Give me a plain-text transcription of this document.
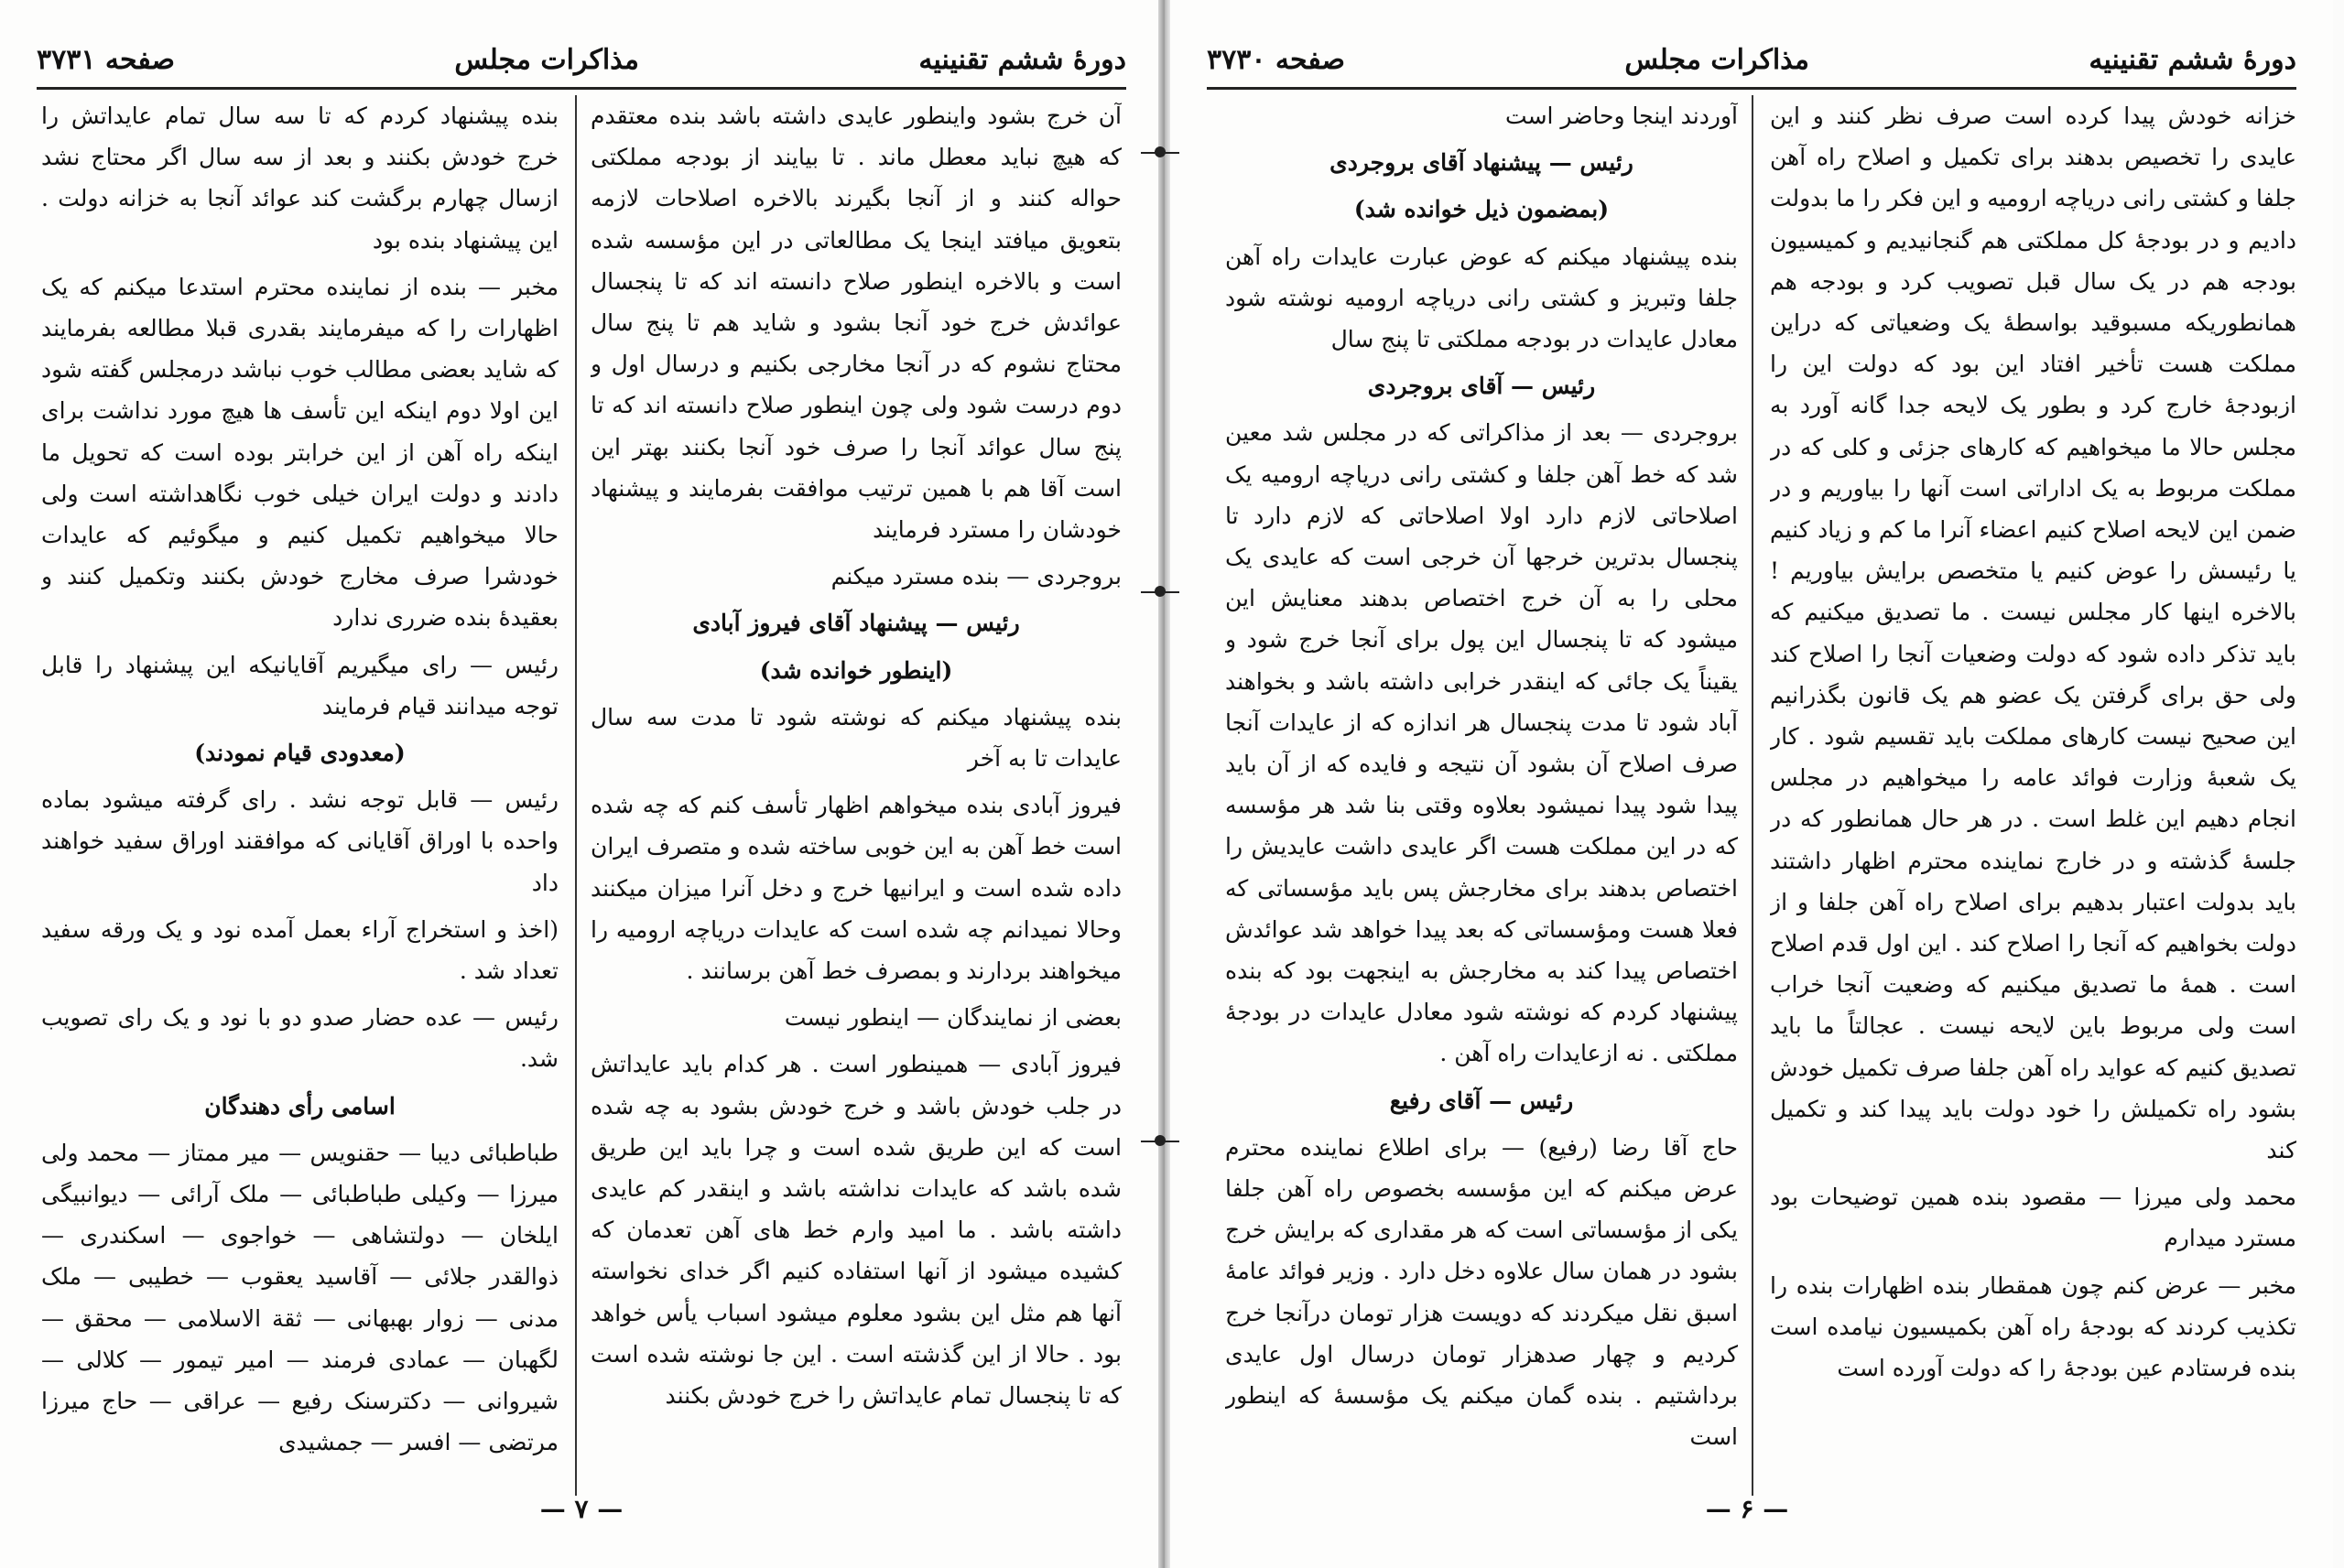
دورهٔ ششم تقنینیه
مذاکرات مجلس
صفحه ۳۷۳۱

آن خرج بشود واینطور عایدی داشته باشد بنده معتقدم که هیچ نباید معطل ماند . تا بیایند از بودجه مملکتی حواله کنند و از آنجا بگیرند بالاخره اصلاحات لازمه بتعویق میافتد اینجا یک مطالعاتی در این مؤسسه شده است و بالاخره اینطور صلاح دانسته اند که تا پنجسال عوائدش خرج خود آنجا بشود و شاید هم تا پنج سال محتاج نشوم که در آنجا مخارجی بکنیم و درسال اول و دوم درست شود ولی چون اینطور صلاح دانسته اند که تا پنج سال عوائد آنجا را صرف خود آنجا بکنند بهتر این است آقا هم با همین ترتیب موافقت بفرمایند و پیشنهاد خودشان را مسترد فرمایند

بروجردی — بنده مسترد میکنم

رئیس — پیشنهاد آقای فیروز آبادی

(اینطور خوانده شد)

بنده پیشنهاد میکنم که نوشته شود تا مدت سه سال عایدات تا به آخر

فیروز آبادی بنده میخواهم اظهار تأسف کنم که چه شده است خط آهن به این خوبی ساخته شده و متصرف ایران داده شده است و ایرانیها خرج و دخل آنرا میزان میکنند وحالا نمیدانم چه شده است که عایدات دریاچه ارومیه را میخواهند بردارند و بمصرف خط آهن برسانند .

بعضی از نمایندگان — اینطور نیست

فیروز آبادی — همینطور است . هر کدام باید عایداتش در جلب خودش باشد و خرج خودش بشود به چه شده است که این طریق شده است و چرا باید این طریق شده باشد که عایدات نداشته باشد و اینقدر کم عایدی داشته باشد . ما امید وارم خط های آهن تعدمان که کشیده میشود از آنها استفاده کنیم اگر خدای نخواسته آنها هم مثل این بشود معلوم میشود اسباب یأس خواهد بود . حالا از این گذشته است . این جا نوشته شده است که تا پنجسال تمام عایداتش را خرج خودش بکنند

بنده پیشنهاد کردم که تا سه سال تمام عایداتش را خرج خودش بکنند و بعد از سه سال اگر محتاج نشد ازسال چهارم برگشت کند عوائد آنجا به خزانه دولت . این پیشنهاد بنده بود

مخبر — بنده از نماینده محترم استدعا میکنم که یک اظهارات را که میفرمایند بقدری قبلا مطالعه بفرمایند که شاید بعضی مطالب خوب نباشد درمجلس گفته شود این اولا دوم اینکه این تأسف ها هیچ مورد نداشت برای اینکه راه آهن از این خرابتر بوده است که تحویل ما دادند و دولت ایران خیلی خوب نگاهداشته است ولی حالا میخواهیم تکمیل کنیم و میگوئیم که عایدات خودشرا صرف مخارج خودش بکنند وتکمیل کنند و بعقیدهٔ بنده ضرری ندارد

رئیس — رای میگیریم آقایانیکه این پیشنهاد را قابل توجه میدانند قیام فرمایند

(معدودی قیام نمودند)

رئیس — قابل توجه نشد . رای گرفته میشود بماده واحده با اوراق آقایانی که موافقند اوراق سفید خواهند داد

(اخذ و استخراج آراء بعمل آمده نود و یک ورقه سفید تعداد شد .

رئیس — عده حضار صدو دو با نود و یک رای تصویب شد.

اسامی رأی دهندگان

طباطبائی دیبا — حقنویس — میر ممتاز — محمد ولی میرزا — وکیلی طباطبائی — ملک آرائی — دیوانبیگی ایلخان — دولتشاهی — خواجوی — اسکندری — ذوالقدر جلائی — آقاسید یعقوب — خطیبی — ملک مدنی — زوار بهبهانی — ثقة الاسلامی — محقق — لگهبان — عمادی فرمند — امیر تیمور — کلالی — شیروانی — دکترسنک رفیع — عراقی — حاج میرزا مرتضی — افسر — جمشیدی

— ۷ —
دورهٔ ششم تقنینیه
مذاکرات مجلس
صفحه ۳۷۳۰

خزانه خودش پیدا کرده است صرف نظر کنند و این عایدی را تخصیص بدهند برای تکمیل و اصلاح راه آهن جلفا و کشتی رانی دریاچه ارومیه و این فکر را ما بدولت دادیم و در بودجهٔ کل مملکتی هم گنجانیدیم و کمیسیون بودجه هم در یک سال قبل تصویب کرد و بودجه هم همانطوریکه مسبوقید بواسطهٔ یک وضعیاتی که دراین مملکت هست تأخیر افتاد این بود که دولت این را ازبودجهٔ خارج کرد و بطور یک لایحه جدا گانه آورد به مجلس حالا ما میخواهیم که کارهای جزئی و کلی که در مملکت مربوط به یک اداراتی است آنها را بیاوریم و در ضمن این لایحه اصلاح کنیم اعضاء آنرا ما کم و زیاد کنیم یا رئیسش را عوض کنیم یا متخصص برایش بیاوریم ! بالاخره اینها کار مجلس نیست . ما تصدیق میکنیم که باید تذکر داده شود که دولت وضعیات آنجا را اصلاح کند ولی حق برای گرفتن یک عضو هم یک قانون بگذرانیم این صحیح نیست کارهای مملکت باید تقسیم شود . کار یک شعبهٔ وزارت فوائد عامه را میخواهیم در مجلس انجام دهیم این غلط است . در هر حال همانطور که در جلسهٔ گذشته و در خارج نماینده محترم اظهار داشتند باید بدولت اعتبار بدهیم برای اصلاح راه آهن جلفا و از دولت بخواهیم که آنجا را اصلاح کند . این اول قدم اصلاح است . همهٔ ما تصدیق میکنیم که وضعیت آنجا خراب است ولی مربوط باین لایحه نیست . عجالتاً ما باید تصدیق کنیم که عواید راه آهن جلفا صرف تکمیل خودش بشود راه تکمیلش را خود دولت باید پیدا کند و تکمیل کند

محمد ولی میرزا — مقصود بنده همین توضیحات بود مسترد میدارم

مخبر — عرض کنم چون همقطار بنده اظهارات بنده را تکذیب کردند که بودجهٔ راه آهن بکمیسیون نیامده است بنده فرستادم عین بودجهٔ را که دولت آورده است

آوردند اینجا وحاضر است

رئیس — پیشنهاد آقای بروجردی

(بمضمون ذیل خوانده شد)

بنده پیشنهاد میکنم که عوض عبارت عایدات راه آهن جلفا وتبریز و کشتی رانی دریاچه ارومیه نوشته شود معادل عایدات در بودجه مملکتی تا پنج سال

رئیس — آقای بروجردی

بروجردی — بعد از مذاکراتی که در مجلس شد معین شد که خط آهن جلفا و کشتی رانی دریاچه ارومیه یک اصلاحاتی لازم دارد اولا اصلاحاتی که لازم دارد تا پنجسال بدترین خرجها آن خرجی است که عایدی یک محلی را به آن خرج اختصاص بدهند معنایش این میشود که تا پنجسال این پول برای آنجا خرج شود و یقیناً یک جائی که اینقدر خرابی داشته باشد و بخواهند آباد شود تا مدت پنجسال هر اندازه که از عایدات آنجا صرف اصلاح آن بشود آن نتیجه و فایده که از آن باید پیدا شود پیدا نمیشود بعلاوه وقتی بنا شد هر مؤسسه که در این مملکت هست اگر عایدی داشت عایدیش را اختصاص بدهند برای مخارجش پس باید مؤسساتی که فعلا هست ومؤسساتی که بعد پیدا خواهد شد عوائدش اختصاص پیدا کند به مخارجش به اینجهت بود که بنده پیشنهاد کردم که نوشته شود معادل عایدات در بودجهٔ مملکتی . نه ازعایدات راه آهن .

رئیس — آقای رفیع

حاج آقا رضا (رفیع) — برای اطلاع نماینده محترم عرض میکنم که این مؤسسه بخصوص راه آهن جلفا یکی از مؤسساتی است که هر مقداری که برایش خرج بشود در همان سال علاوه دخل دارد . وزیر فوائد عامهٔ اسبق نقل میکردند که دویست هزار تومان درآنجا خرج کردیم و چهار صدهزار تومان درسال اول عایدی برداشتیم . بنده گمان میکنم یک مؤسسهٔ که اینطور است

— ۶ —
